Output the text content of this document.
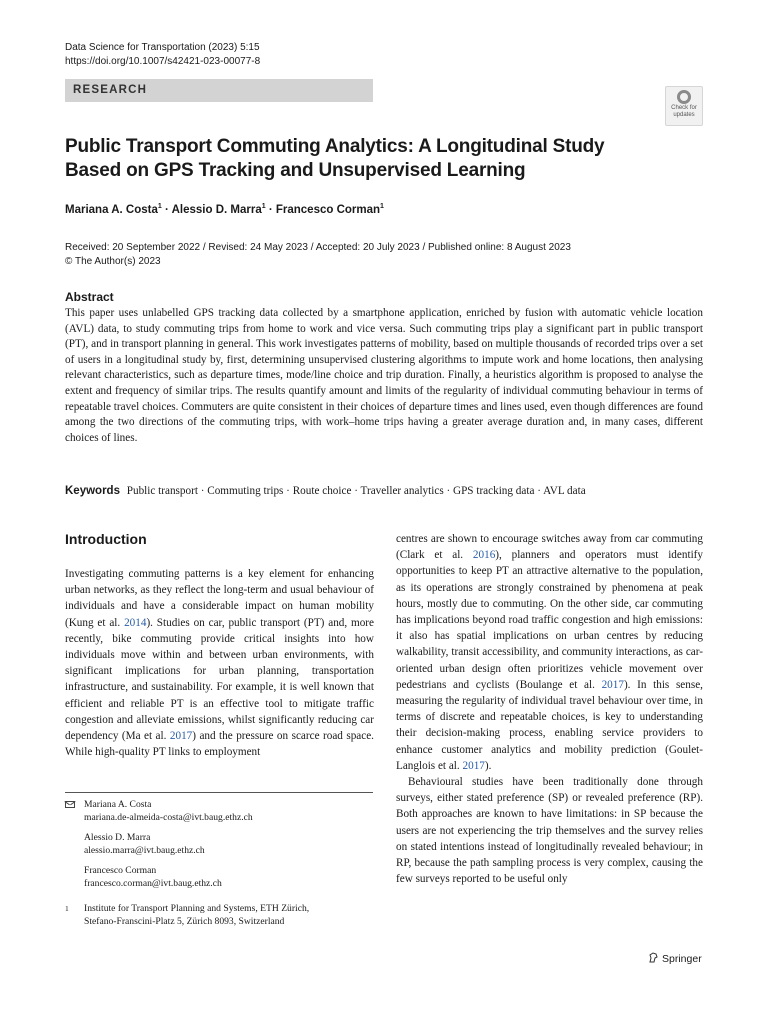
Data Science for Transportation (2023) 5:15
https://doi.org/10.1007/s42421-023-00077-8
RESEARCH
Check for
updates
Public Transport Commuting Analytics: A Longitudinal Study Based on GPS Tracking and Unsupervised Learning
Mariana A. Costa$^1$ · Alessio D. Marra$^1$ · Francesco Corman$^1$
Received: 20 September 2022 / Revised: 24 May 2023 / Accepted: 20 July 2023 / Published online: 8 August 2023
© The Author(s) 2023
Abstract

This paper uses unlabelled GPS tracking data collected by a smartphone application, enriched by fusion with automatic vehicle location (AVL) data, to study commuting trips from home to work and vice versa. Such commuting trips play a significant part in public transport (PT), and in transport planning in general. This work investigates patterns of mobility, based on multiple thousands of recorded trips over a set of users in a longitudinal study by, first, determining unsupervised clustering algorithms to impute work and home locations, then analysing relevant characteristics, such as departure times, mode/line choice and trip duration. Finally, a heuristics algorithm is proposed to analyse the extent and frequency of similar trips. The results quantify amount and limits of the regularity of individual commuting behaviour in terms of repeatable travel choices. Commuters are quite consistent in their choices of departure times and lines used, even though differences are found among the two directions of the commuting trips, with work–home trips having a greater average duration and, in many cases, different choices of lines.

Keywords Public transport · Commuting trips · Route choice · Traveller analytics · GPS tracking data · AVL data
Introduction

Investigating commuting patterns is a key element for enhancing urban networks, as they reflect the long-term and usual behaviour of individuals and have a considerable impact on human mobility (Kung et al. 2014). Studies on car, public transport (PT) and, more recently, bike commuting provide critical insights into how individuals move within and between urban environments, with significant implications for urban planning, transportation infrastructure, and sustainability. For example, it is well known that efficient and reliable PT is an effective tool to mitigate traffic congestion and alleviate emissions, whilst significantly reducing car dependency (Ma et al. 2017) and the pressure on scarce road space. While high-quality PT links to employment

centres are shown to encourage switches away from car commuting (Clark et al. 2016), planners and operators must identify opportunities to keep PT an attractive alternative to the population, as its operations are strongly constrained by phenomena at peak hours, mostly due to commuting. On the other side, car commuting has implications beyond road traffic congestion and high emissions: it also has spatial implications on urban centres by reducing walkability, transit accessibility, and community interactions, as car-oriented urban design often prioritizes vehicle movement over pedestrians and cyclists (Boulange et al. 2017). In this sense, measuring the regularity of individual travel behaviour over time, in terms of discrete and repeatable choices, is key to understanding their decision-making process, enabling service providers to enhance customer analytics and mobility prediction (Goulet-Langlois et al. 2017).

Behavioural studies have been traditionally done through surveys, either stated preference (SP) or revealed preference (RP). Both approaches are known to have limitations: in SP because the users are not experiencing the trip themselves and the survey relies on stated intentions instead of longitudinally revealed behaviour; in RP, because the path sampling process is very complex, causing the few surveys reported to be useful only

Mariana A. Costa
mariana.de-almeida-costa@ivt.baug.ethz.ch
Alessio D. Marra
alessio.marra@ivt.baug.ethz.ch
Francesco Corman
francesco.corman@ivt.baug.ethz.ch
1 Institute for Transport Planning and Systems, ETH Zürich,
Stefano-Franscini-Platz 5, Zürich 8093, Switzerland
Springer
